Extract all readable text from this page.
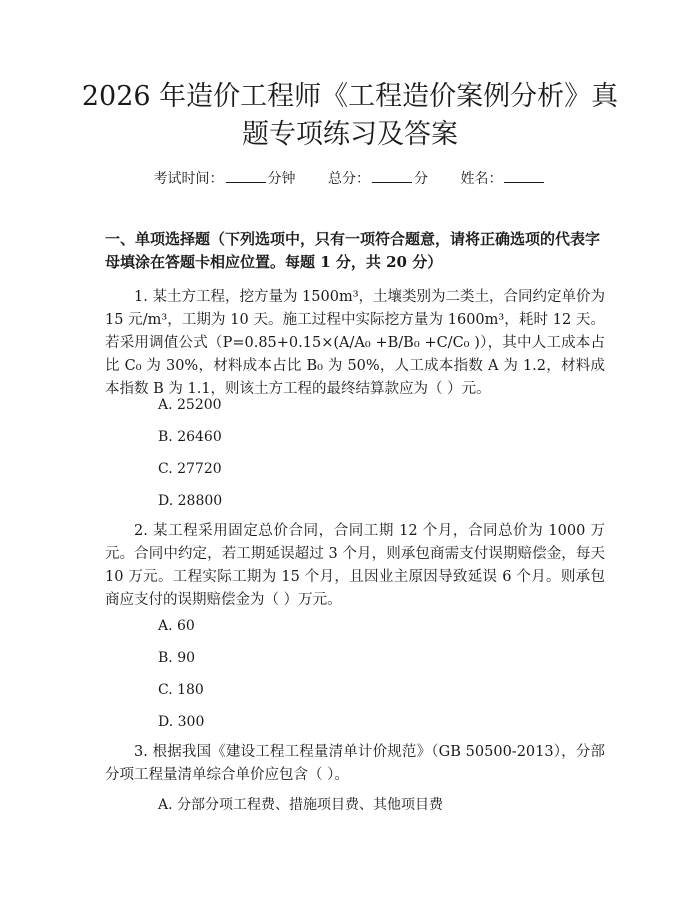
2026 年造价工程师《工程造价案例分析》真题专项练习及答案
考试时间：	分钟 总分：	分 姓名：

一、单项选择题（下列选项中，只有一项符合题意，请将正确选项的代表字母填涂在答题卡相应位置。每题 1 分，共 20 分）

1. 某土方工程，挖方量为 1500m³，土壤类别为二类土，合同约定单价为 15 元/m³，工期为 10 天。施工过程中实际挖方量为 1600m³，耗时 12 天。若采用调值公式（P=0.85+0.15×(A/A₀ +B/B₀ +C/C₀ )），其中人工成本占比 C₀ 为 30%，材料成本占比 B₀ 为 50%，人工成本指数 A 为 1.2，材料成本指数 B 为 1.1，则该土方工程的最终结算款应为（ ）元。

A. 25200

B. 26460

C. 27720

D. 28800

2. 某工程采用固定总价合同，合同工期 12 个月，合同总价为 1000 万元。合同中约定，若工期延误超过 3 个月，则承包商需支付误期赔偿金，每天 10 万元。工程实际工期为 15 个月，且因业主原因导致延误 6 个月。则承包商应支付的误期赔偿金为（ ）万元。

A. 60

B. 90

C. 180

D. 300

3. 根据我国《建设工程工程量清单计价规范》（GB 50500-2013），分部分项工程量清单综合单价应包含（ ）。

A. 分部分项工程费、措施项目费、其他项目费
